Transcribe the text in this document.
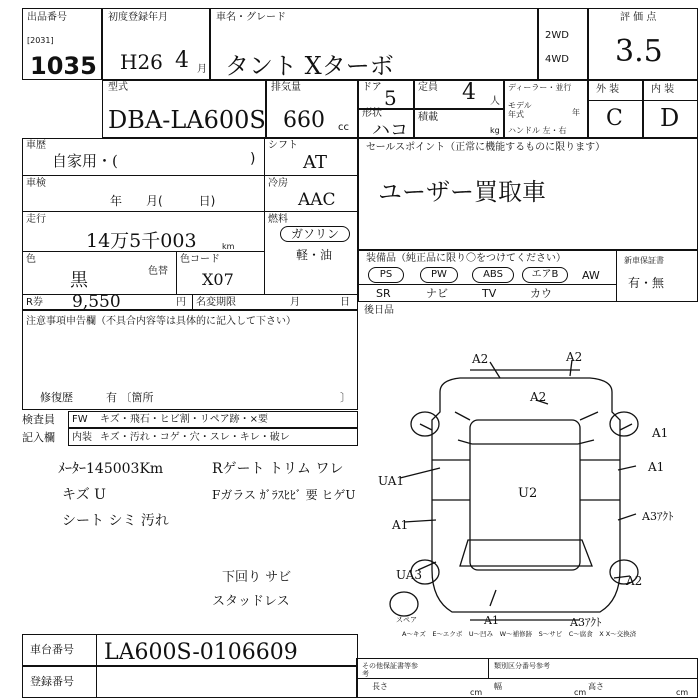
出品番号
[2031]
1035
初度登録年月
H26 4 月
車名・グレード
タント Xターボ
2WD
4WD
評 価 点
3.5
型式
DBA-LA600S
排気量
660 cc
ドア 5
形状
ハコ
定員 4 人
積載
kg
ディーラー・並行
モデル 年式	年
ハンドル 左・右
外 装	内 装
C D
車歴
自家用・(	)
シフト
AT
車検
年　　月(　　　日)
冷房
AAC
走行
14万5千003	km
燃料
ガソリン
軽・油
色
黒	色替
色コード
X07
R券 9,550	円 名変期限	月	日
注意事項申告欄（不具合内容等は具体的に記入して下さい）
修復歴	有 〔箇所	〕
検査員 FW キズ・飛石・ヒビ割・リペア跡・×要
記入欄 内装 キズ・汚れ・コゲ・穴・スレ・キレ・破レ
ﾒｰﾀｰ145003Km
キズ U
シート シミ 汚れ
Rゲート トリム ワレ
Fガラス ｶﾞﾗｽﾋﾋﾞ 要 ヒゲU
下回り サビ
スタッドレス
セールスポイント（正常に機能するものに限ります）
ユーザー買取車
装備品（純正品に限り〇をつけてください）	新車保証書
有・無
PS	PW	ABS	エアB	AW
SR	ナビ	TV	カウ
後日品
A2	A2
A2
A1
A1
UA1
U2
A1
A3ｱｸﾄ
UA3	A2
A1	A3ｱｸﾄ
スペア
A～キズ　E～エクボ　U～凹み　W～補修跡　S～サビ　C～腐食　X X～交換済
車台番号 LA600S-0106609
登録番号
その他保証書等参考
類別区分番号参考
長さ
cm
幅
cm
高さ
cm
